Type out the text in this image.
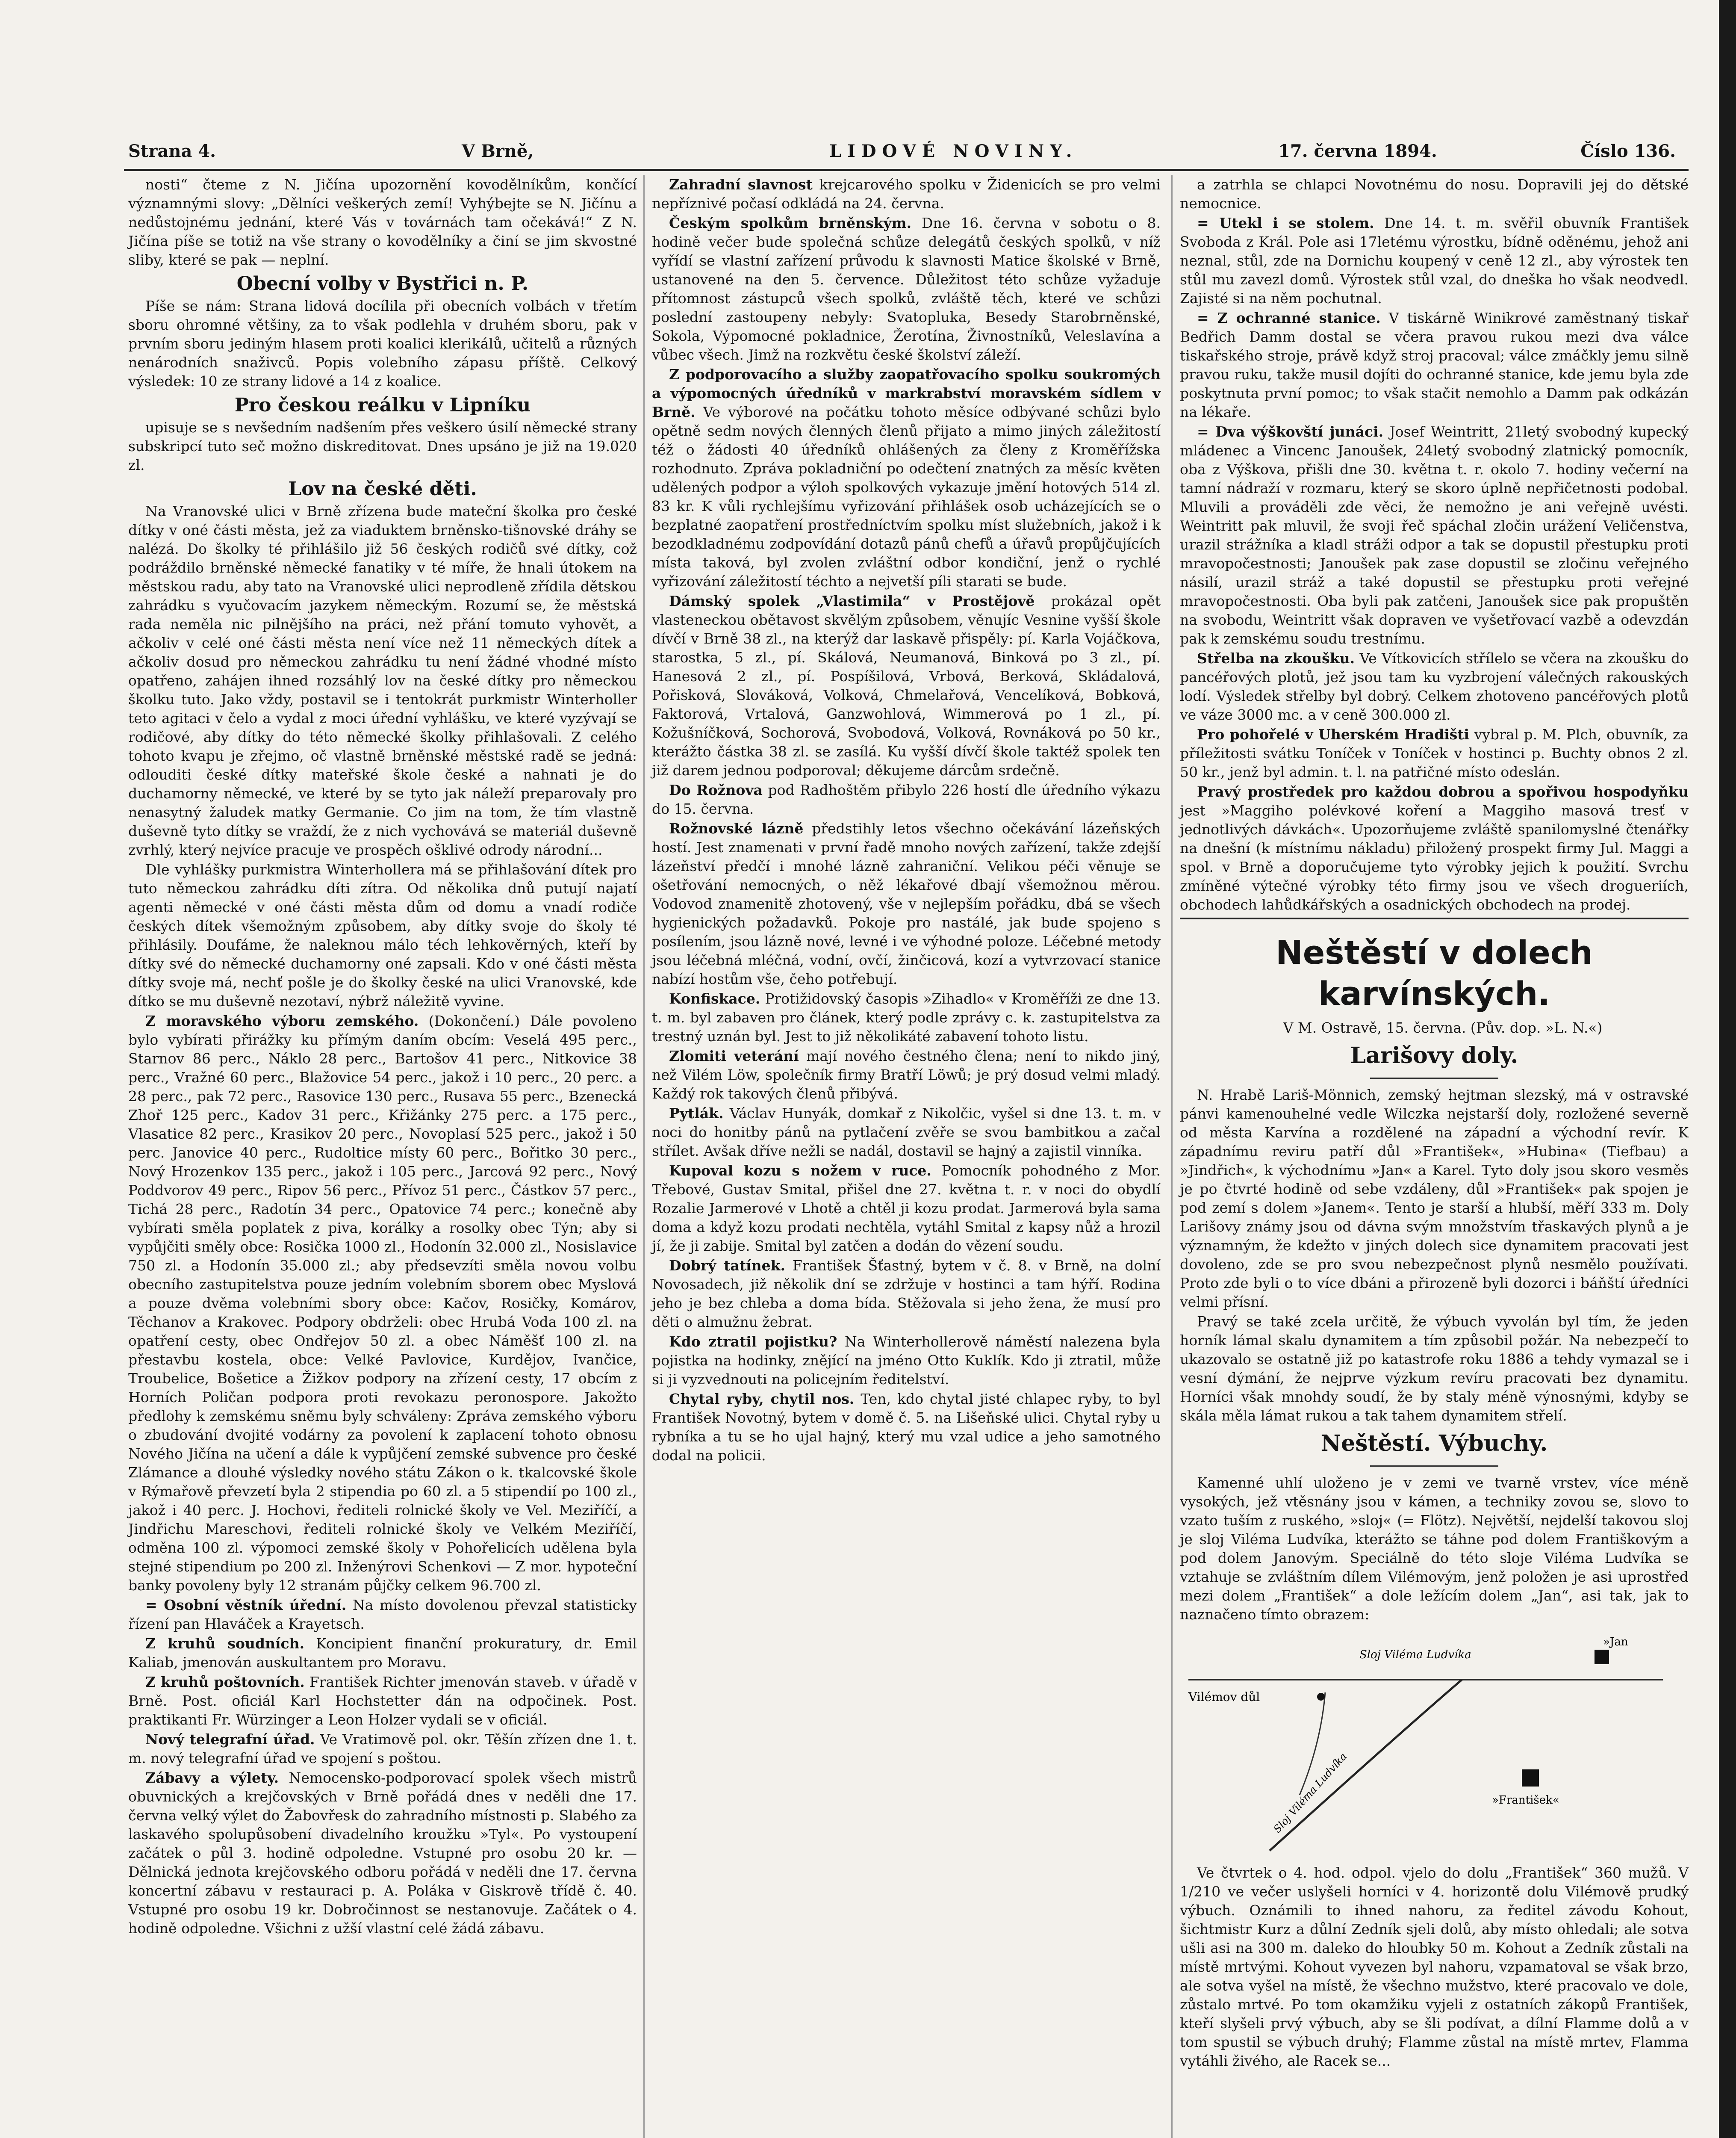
Strana 4.	V Brně,	LIDOVÉ NOVINY.	17. června 1894.	Číslo 136.

nosti“ čteme z N. Jičína upozornění kovodělníkům, končící významnými slovy: „Dělníci veškerých zemí! Vyhýbejte se N. Jičínu a nedůstojnému jednání, které Vás v továrnách tam očekává!“ Z N. Jičína píše se totiž na vše strany o kovodělníky a činí se jim skvostné sliby, které se pak — neplní.

Obecní volby v Bystřici n. P.

Píše se nám: Strana lidová docílila při obecních volbách v třetím sboru ohromné většiny, za to však podlehla v druhém sboru, pak v prvním sboru jediným hlasem proti koalici klerikálů, učitelů a různých nenárodních snaživců. Popis volebního zápasu příště. Celkový výsledek: 10 ze strany lidové a 14 z koalice.

Pro českou reálku v Lipníku

upisuje se s nevšedním nadšením přes veškero úsilí německé strany subskripcí tuto seč možno diskreditovat. Dnes upsáno je již na 19.020 zl.

Lov na české děti.

Na Vranovské ulici v Brně zřízena bude mateční školka pro české dítky v oné části města, jež za viaduktem brněnsko-tišnovské dráhy se nalézá. Do školky té přihlášilo již 56 českých rodičů své dítky, což podráždilo brněnské německé fanatiky v té míře, že hnali útokem na městskou radu, aby tato na Vranovské ulici neprodleně zřídila dětskou zahrádku s vyučovacím jazykem německým. Rozumí se, že městská rada neměla nic pilnějšího na práci, než přání tomuto vyhovět, a ačkoliv v celé oné části města není více než 11 německých dítek a ačkoliv dosud pro německou zahrádku tu není žádné vhodné místo opatřeno, zahájen ihned rozsáhlý lov na české dítky pro německou školku tuto. Jako vždy, postavil se i tentokrát purkmistr Winterholler teto agitaci v čelo a vydal z moci úřední vyhlášku, ve které vyzývají se rodičové, aby dítky do této německé školky přihlašovali. Z celého tohoto kvapu je zřejmo, oč vlastně brněnské městské radě se jedná: odlouditi české dítky mateřské škole české a nahnati je do duchamorny německé, ve které by se tyto jak náleží preparovaly pro nenasytný žaludek matky Germanie. Co jim na tom, že tím vlastně duševně tyto dítky se vraždí, že z nich vychovává se materiál duševně zvrhlý, který nejvíce pracuje ve prospěch ošklivé odrody národní...

Dle vyhlášky purkmistra Winterhollera má se přihlašování dítek pro tuto německou zahrádku díti zítra. Od několika dnů putují najatí agenti německé v oné části města dům od domu a vnadí rodiče českých dítek všemožným způsobem, aby dítky svoje do školy té přihlásily. Doufáme, že naleknou málo téch lehkověrných, kteří by dítky své do německé duchamorny oné zapsali. Kdo v oné části města dítky svoje má, nechť pošle je do školky české na ulici Vranovské, kde dítko se mu duševně nezotaví, nýbrž náležitě vyvine.

Z moravského výboru zemského. (Dokončení.) Dále povoleno bylo vybírati přirážky ku přímým daním obcím: Veselá 495 perc., Starnov 86 perc., Náklo 28 perc., Bartošov 41 perc., Nitkovice 38 perc., Vražné 60 perc., Blažovice 54 perc., jakož i 10 perc., 20 perc. a 28 perc., pak 72 perc., Rasovice 130 perc., Rusava 55 perc., Bzenecká Zhoř 125 perc., Kadov 31 perc., Křižánky 275 perc. a 175 perc., Vlasatice 82 perc., Krasikov 20 perc., Novoplasí 525 perc., jakož i 50 perc. Janovice 40 perc., Rudoltice místy 60 perc., Bořitko 30 perc., Nový Hrozenkov 135 perc., jakož i 105 perc., Jarcová 92 perc., Nový Poddvorov 49 perc., Ripov 56 perc., Přívoz 51 perc., Částkov 57 perc., Tichá 28 perc., Radotín 34 perc., Opatovice 74 perc.; konečně aby vybírati směla poplatek z piva, korálky a rosolky obec Týn; aby si vypůjčiti směly obce: Rosička 1000 zl., Hodonín 32.000 zl., Nosislavice 750 zl. a Hodonín 35.000 zl.; aby předsevzíti směla novou volbu obecního zastupitelstva pouze jedním volebním sborem obec Myslová a pouze dvěma volebními sbory obce: Kačov, Rosičky, Komárov, Těchanov a Krakovec. Podpory obdrželi: obec Hrubá Voda 100 zl. na opatření cesty, obec Ondřejov 50 zl. a obec Náměšť 100 zl. na přestavbu kostela, obce: Velké Pavlovice, Kurdějov, Ivančice, Troubelice, Bošetice a Žižkov podpory na zřízení cesty, 17 obcím z Horních Poličan podpora proti revokazu peronospore. Jakožto předlohy k zemskému sněmu byly schváleny: Zpráva zemského výboru o zbudování dvojité vodárny za povolení k zaplacení tohoto obnosu Nového Jičína na učení a dále k vypůjčení zemské subvence pro české Zlámance a dlouhé výsledky nového státu Zákon o k. tkalcovské škole v Rýmařově převzetí byla 2 stipendia po 60 zl. a 5 stipendií po 100 zl., jakož i 40 perc. J. Hochovi, řediteli rolnické školy ve Vel. Meziříčí, a Jindřichu Mareschovi, řediteli rolnické školy ve Velkém Meziříčí, odměna 100 zl. výpomoci zemské školy v Pohořelicích udělena byla stejné stipendium po 200 zl. Inženýrovi Schenkovi — Z mor. hypoteční banky povoleny byly 12 stranám půjčky celkem 96.700 zl.

= Osobní věstník úřední. Na místo dovolenou převzal statisticky řízení pan Hlaváček a Krayetsch.

Z kruhů soudních. Koncipient finanční prokuratury, dr. Emil Kaliab, jmenován auskultantem pro Moravu.

Z kruhů poštovních. František Richter jmenován staveb. v úřadě v Brně. Post. oficiál Karl Hochstetter dán na odpočinek. Post. praktikanti Fr. Würzinger a Leon Holzer vydali se v oficiál.

Nový telegrafní úřad. Ve Vratimově pol. okr. Těšín zřízen dne 1. t. m. nový telegrafní úřad ve spojení s poštou.

Zábavy a výlety. Nemocensko-podporovací spolek všech mistrů obuvnických a krejčovských v Brně pořádá dnes v neděli dne 17. června velký výlet do Žabovřesk do zahradního místnosti p. Slabého za laskavého spolupůsobení divadelního kroužku »Tyl«. Po vystoupení začátek o půl 3. hodině odpoledne. Vstupné pro osobu 20 kr. — Dělnická jednota krejčovského odboru pořádá v neděli dne 17. června koncertní zábavu v restauraci p. A. Poláka v Giskrově třídě č. 40. Vstupné pro osobu 19 kr. Dobročinnost se nestanovuje. Začátek o 4. hodině odpoledne. Všichni z užší vlastní celé žádá zábavu.

Zahradní slavnost krejcarového spolku v Židenicích se pro velmi nepříznivé počasí odkládá na 24. června.

Českým spolkům brněnským. Dne 16. června v sobotu o 8. hodině večer bude společná schůze delegátů českých spolků, v níž vyřídí se vlastní zařízení průvodu k slavnosti Matice školské v Brně, ustanovené na den 5. července. Důležitost této schůze vyžaduje přítomnost zástupců všech spolků, zvláště těch, které ve schůzi poslední zastoupeny nebyly: Svatopluka, Besedy Starobrněnské, Sokola, Výpomocné pokladnice, Žerotína, Živnostníků, Veleslavína a vůbec všech. Jimž na rozkvětu české školství záleží.

Z podporovacího a služby zaopatřovacího spolku soukromých a výpomocných úředníků v markrabství moravském sídlem v Brně. Ve výborové na počátku tohoto měsíce odbývané schůzi bylo opětně sedm nových členných členů přijato a mimo jiných záležitostí též o žádosti 40 úředníků ohlášených za členy z Kroměřížska rozhodnuto. Zpráva pokladniční po odečtení znatných za měsíc květen udělených podpor a výloh spolkových vykazuje jmění hotových 514 zl. 83 kr. K vůli rychlejšímu vyřizování přihlášek osob ucházejících se o bezplatné zaopatření prostředníctvím spolku míst služebních, jakož i k bezodkladnému zodpovídání dotazů pánů chefů a úřavů propůjčujících místa taková, byl zvolen zvláštní odbor kondiční, jenž o rychlé vyřizování záležitostí téchto a nejvetší píli starati se bude.

Dámský spolek „Vlastimila“ v Prostějově prokázal opět vlasteneckou obětavost skvělým způsobem, věnujíc Vesnine vyšší škole dívčí v Brně 38 zl., na kterýž dar laskavě přispěly: pí. Karla Vojáčkova, starostka, 5 zl., pí. Skálová, Neumanová, Binková po 3 zl., pí. Hanesová 2 zl., pí. Pospíšilová, Vrbová, Berková, Skládalová, Pořisková, Slováková, Volková, Chmelařová, Vencelíková, Bobková, Faktorová, Vrtalová, Ganzwohlová, Wimmerová po 1 zl., pí. Kožušníčková, Sochorová, Svobodová, Volková, Rovnáková po 50 kr., kterážto částka 38 zl. se zasílá. Ku vyšší dívčí škole taktéž spolek ten již darem jednou podporoval; děkujeme dárcům srdečně.

Do Rožnova pod Radhoštěm přibylo 226 hostí dle úředního výkazu do 15. června.

Rožnovské lázně předstihly letos všechno očekávání lázeňských hostí. Jest znamenati v první řadě mnoho nových zařízení, takže zdejší lázeňství předčí i mnohé lázně zahraniční. Velikou péči věnuje se ošetřování nemocných, o něž lékařové dbají všemožnou měrou. Vodovod znamenitě zhotovený, vše v nejlepším pořádku, dbá se všech hygienických požadavků. Pokoje pro nastálé, jak bude spojeno s posílením, jsou lázně nové, levné i ve výhodné poloze. Léčebné metody jsou léčebná mléčná, vodní, ovčí, žinčicová, kozí a vytvrzovací stanice nabízí hostům vše, čeho potřebují.

Konfiskace. Protižidovský časopis »Zihadlo« v Kroměříži ze dne 13. t. m. byl zabaven pro článek, který podle zprávy c. k. zastupitelstva za trestný uznán byl. Jest to již několikáté zabavení tohoto listu.

Zlomiti veterání mají nového čestného člena; není to nikdo jiný, než Vilém Löw, společník firmy Bratří Löwů; je prý dosud velmi mladý. Každý rok takových členů přibývá.

Pytlák. Václav Hunyák, domkař z Nikolčic, vyšel si dne 13. t. m. v noci do honitby pánů na pytlačení zvěře se svou bambitkou a začal střílet. Avšak dříve nežli se nadál, dostavil se hajný a zajistil vinníka.

Kupoval kozu s nožem v ruce. Pomocník pohodného z Mor. Třebové, Gustav Smital, přišel dne 27. května t. r. v noci do obydlí Rozalie Jarmerové v Lhotě a chtěl ji kozu prodat. Jarmerová byla sama doma a když kozu prodati nechtěla, vytáhl Smital z kapsy nůž a hrozil jí, že ji zabije. Smital byl zatčen a dodán do vězení soudu.

Dobrý tatínek. František Šťastný, bytem v č. 8. v Brně, na dolní Novosadech, již několik dní se zdržuje v hostinci a tam hýří. Rodina jeho je bez chleba a doma bída. Stěžovala si jeho žena, že musí pro děti o almužnu žebrat.

Kdo ztratil pojistku? Na Winterhollerově náměstí nalezena byla pojistka na hodinky, znějící na jméno Otto Kuklík. Kdo ji ztratil, může si ji vyzvednouti na policejním ředitelství.

Chytal ryby, chytil nos. Ten, kdo chytal jisté chlapec ryby, to byl František Novotný, bytem v domě č. 5. na Lišeňské ulici. Chytal ryby u rybníka a tu se ho ujal hajný, který mu vzal udice a jeho samotného dodal na policii.

a zatrhla se chlapci Novotnému do nosu. Dopravili jej do dětské nemocnice.

= Utekl i se stolem. Dne 14. t. m. svěřil obuvník František Svoboda z Král. Pole asi 17letému výrostku, bídně oděnému, jehož ani neznal, stůl, zde na Dornichu koupený v ceně 12 zl., aby výrostek ten stůl mu zavezl domů. Výrostek stůl vzal, do dneška ho však neodvedl. Zajisté si na něm pochutnal.

= Z ochranné stanice. V tiskárně Winikrové zaměstnaný tiskař Bedřich Damm dostal se včera pravou rukou mezi dva válce tiskařského stroje, právě když stroj pracoval; válce zmáčkly jemu silně pravou ruku, takže musil dojíti do ochranné stanice, kde jemu byla zde poskytnuta první pomoc; to však stačit nemohlo a Damm pak odkázán na lékaře.

= Dva výškovští junáci. Josef Weintritt, 21letý svobodný kupecký mládenec a Vincenc Janoušek, 24letý svobodný zlatnický pomocník, oba z Výškova, přišli dne 30. května t. r. okolo 7. hodiny večerní na tamní nádraží v rozmaru, který se skoro úplně nepřičetnosti podobal. Mluvili a prováděli zde věci, že nemožno je ani veřejně uvésti. Weintritt pak mluvil, že svoji řeč spáchal zločin urážení Veličenstva, urazil strážníka a kladl stráži odpor a tak se dopustil přestupku proti mravopočestnosti; Janoušek pak zase dopustil se zločinu veřejného násilí, urazil stráž a také dopustil se přestupku proti veřejné mravopočestnosti. Oba byli pak zatčeni, Janoušek sice pak propuštěn na svobodu, Weintritt však dopraven ve vyšetřovací vazbě a odevzdán pak k zemskému soudu trestnímu.

Střelba na zkoušku. Ve Vítkovicích střílelo se včera na zkoušku do pancéřových plotů, jež jsou tam ku vyzbrojení válečných rakouských lodí. Výsledek střelby byl dobrý. Celkem zhotoveno pancéřových plotů ve váze 3000 mc. a v ceně 300.000 zl.

Pro pohořelé v Uherském Hradišti vybral p. M. Plch, obuvník, za příležitosti svátku Toníček v Toníček v hostinci p. Buchty obnos 2 zl. 50 kr., jenž byl admin. t. l. na patřičné místo odeslán.

Pravý prostředek pro každou dobrou a spořivou hospodyňku jest »Maggiho polévkové koření a Maggiho masová tresť v jednotlivých dávkách«. Upozorňujeme zvláště spanilomyslné čtenářky na dnešní (k místnímu nákladu) přiložený prospekt firmy Jul. Maggi a spol. v Brně a doporučujeme tyto výrobky jejich k použití. Svrchu zmíněné výtečné výrobky této firmy jsou ve všech drogueriích, obchodech lahůdkářských a osadnických obchodech na prodej.

Neštěstí v dolech karvínských.

V M. Ostravě, 15. června. (Pův. dop. »L. N.«)

Larišovy doly.

N. Hrabě Lariš-Mönnich, zemský hejtman slezský, má v ostravské pánvi kamenouhelné vedle Wilczka nejstarší doly, rozložené severně od města Karvína a rozdělené na západní a východní revír. K západnímu reviru patří důl »František«, »Hubina« (Tiefbau) a »Jindřich«, k východnímu »Jan« a Karel. Tyto doly jsou skoro vesměs je po čtvrté hodině od sebe vzdáleny, důl »František« pak spojen je pod zemí s dolem »Janem«. Tento je starší a hlubší, měří 333 m. Doly Larišovy známy jsou od dávna svým množstvím třaskavých plynů a je významným, že kdežto v jiných dolech sice dynamitem pracovati jest dovoleno, zde se pro svou nebezpečnost plynů nesmělo používati. Proto zde byli o to více dbáni a přirozeně byli dozorci i báňští úředníci velmi přísní.

Pravý se také zcela určitě, že výbuch vyvolán byl tím, že jeden horník lámal skalu dynamitem a tím způsobil požár. Na nebezpečí to ukazovalo se ostatně již po katastrofe roku 1886 a tehdy vymazal se i vesní dýmání, že nejprve výzkum revíru pracovati bez dynamitu. Horníci však mnohdy soudí, že by staly méně výnosnými, kdyby se skála měla lámat rukou a tak tahem dynamitem střelí.

Neštěstí. Výbuchy.

Kamenné uhlí uloženo je v zemi ve tvarně vrstev, více méně vysokých, jež vtěsnány jsou v kámen, a techniky zovou se, slovo to vzato tuším z ruského, »sloj« (= Flötz). Největší, nejdelší takovou sloj je sloj Viléma Ludvíka, kterážto se táhne pod dolem Františkovým a pod dolem Janovým. Speciálně do této sloje Viléma Ludvíka se vztahuje se zvláštním dílem Vilémovým, jenž položen je asi uprostřed mezi dolem „František“ a dole ležícím dolem „Jan“, asi tak, jak to naznačeno tímto obrazem:

Vilémov důl
Sloj Viléma Ludvíka
»Jan
Sloj Viléma Ludvíka	»František«

Ve čtvrtek o 4. hod. odpol. vjelo do dolu „František“ 360 mužů. V 1/210 ve večer uslyšeli horníci v 4. horizontě dolu Vilémově prudký výbuch. Oznámili to ihned nahoru, za ředitel závodu Kohout, šichtmistr Kurz a důlní Zedník sjeli dolů, aby místo ohledali; ale sotva ušli asi na 300 m. daleko do hloubky 50 m. Kohout a Zedník zůstali na místě mrtvými. Kohout vyvezen byl nahoru, vzpamatoval se však brzo, ale sotva vyšel na místě, že všechno mužstvo, které pracovalo ve dole, zůstalo mrtvé. Po tom okamžiku vyjeli z ostatních zákopů František, kteří slyšeli prvý výbuch, aby se šli podívat, a dílní Flamme dolů a v tom spustil se výbuch druhý; Flamme zůstal na místě mrtev, Flamma vytáhli živého, ale Racek se...
